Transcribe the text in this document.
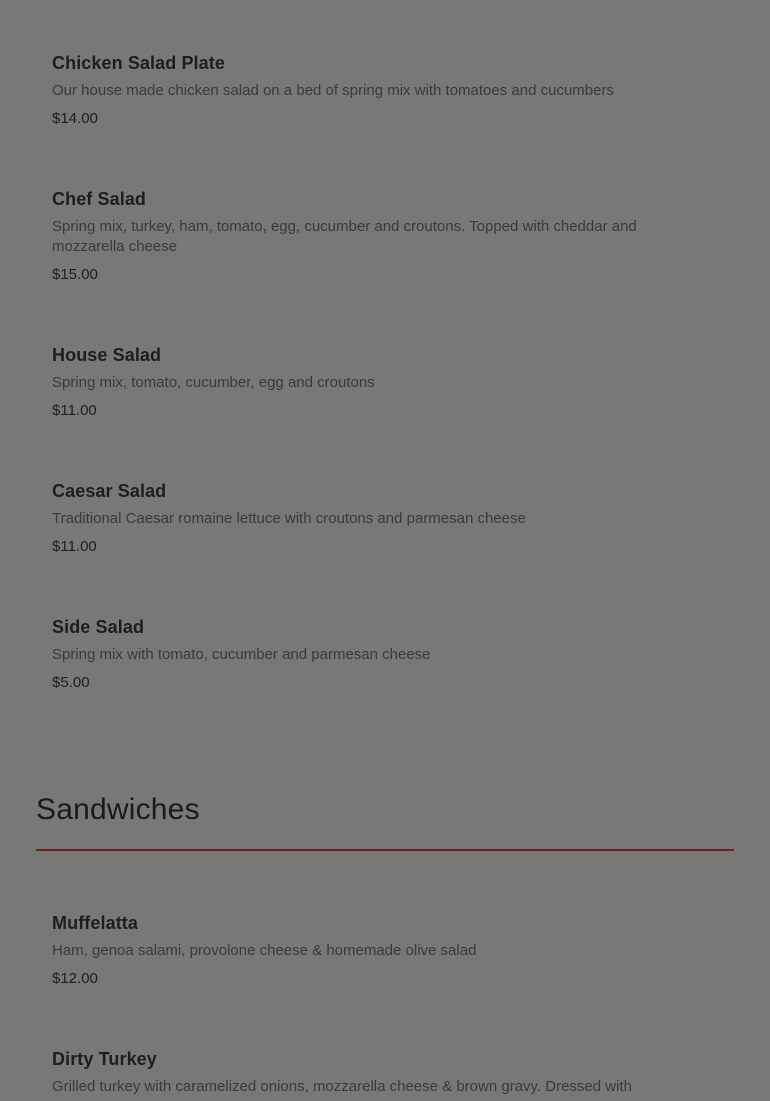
Chicken Salad Plate
Our house made chicken salad on a bed of spring mix with tomatoes and cucumbers
$14.00
Chef Salad
Spring mix, turkey, ham, tomato, egg, cucumber and croutons. Topped with cheddar and mozzarella cheese
$15.00
House Salad
Spring mix, tomato, cucumber, egg and croutons
$11.00
Caesar Salad
Traditional Caesar romaine lettuce with croutons and parmesan cheese
$11.00
Side Salad
Spring mix with tomato, cucumber and parmesan cheese
$5.00
Sandwiches
Muffelatta
Ham, genoa salami, provolone cheese & homemade olive salad
$12.00
Dirty Turkey
Grilled turkey with caramelized onions, mozzarella cheese & brown gravy. Dressed with
